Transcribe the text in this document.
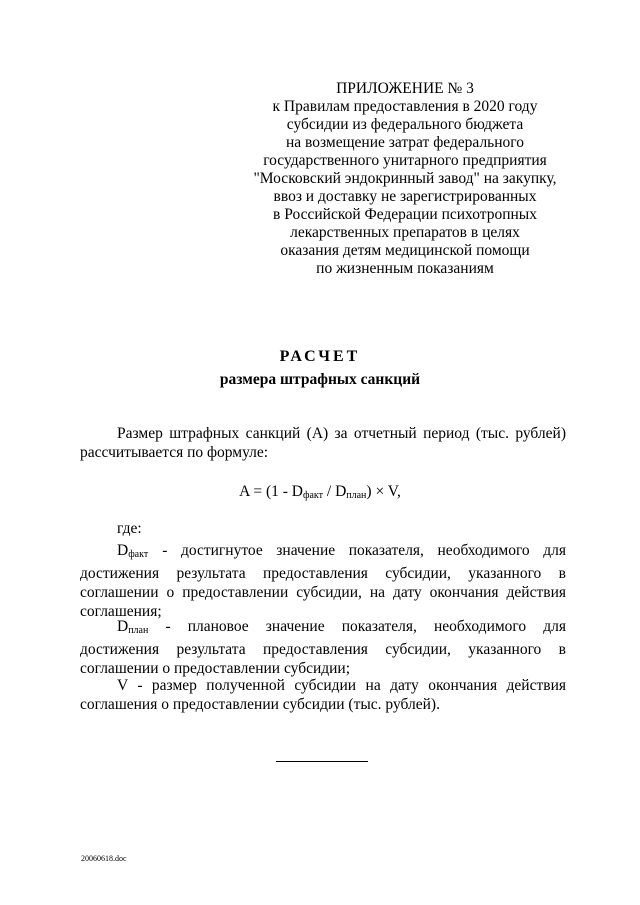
ПРИЛОЖЕНИЕ № 3
к Правилам предоставления в 2020 году
субсидии из федерального бюджета
на возмещение затрат федерального
государственного унитарного предприятия
"Московский эндокринный завод" на закупку,
ввоз и доставку не зарегистрированных
в Российской Федерации психотропных
лекарственных препаратов в целях
оказания детям медицинской помощи
по жизненным показаниям
РАСЧЕТ
размера штрафных санкций
Размер штрафных санкций (A) за отчетный период (тыс. рублей) рассчитывается по формуле:
$A = (1 - D_{факт} / D_{план}) \times V$,
где:
$D_{факт}$ - достигнутое значение показателя, необходимого для достижения результата предоставления субсидии, указанного в соглашении о предоставлении субсидии, на дату окончания действия соглашения;
$D_{план}$ - плановое значение показателя, необходимого для достижения результата предоставления субсидии, указанного в соглашении о предоставлении субсидии;
V - размер полученной субсидии на дату окончания действия соглашения о предоставлении субсидии (тыс. рублей).
20060618.doc
